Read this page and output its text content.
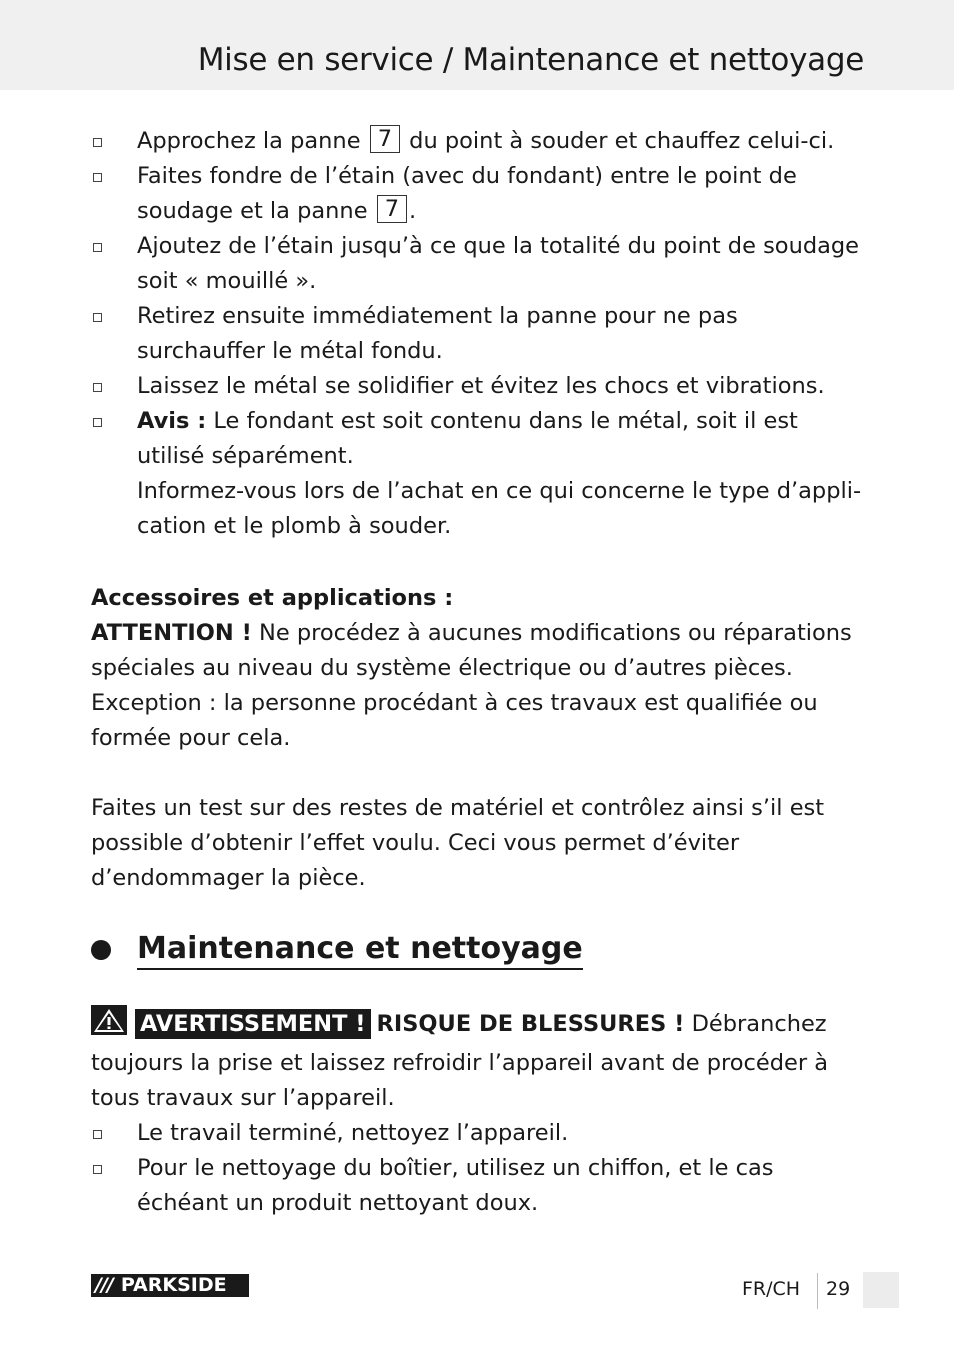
Mise en service / Maintenance et nettoyage
Approchez la panne 7 du point à souder et chauffez celui-ci.
Faites fondre de l’étain (avec du fondant) entre le point de soudage et la panne 7 .
Ajoutez de l’étain jusqu’à ce que la totalité du point de soudage soit « mouillé ».
Retirez ensuite immédiatement la panne pour ne pas surchauffer le métal fondu.
Laissez le métal se solidifier et évitez les chocs et vibrations.
Avis : Le fondant est soit contenu dans le métal, soit il est utilisé séparément.
Informez-vous lors de l’achat en ce qui concerne le type d’appli-cation et le plomb à souder.

Accessoires et applications :

ATTENTION ! Ne procédez à aucunes modifications ou réparations spéciales au niveau du système électrique ou d’autres pièces.

Exception : la personne procédant à ces travaux est qualifiée ou formée pour cela.

Faites un test sur des restes de matériel et contrôlez ainsi s’il est possible d’obtenir l’effet voulu. Ceci vous permet d’éviter d’endommager la pièce.

Maintenance et nettoyage

AVERTISSEMENT ! RISQUE DE BLESSURES ! Débranchez toujours la prise et laissez refroidir l’appareil avant de procéder à tous travaux sur l’appareil.

Le travail terminé, nettoyez l’appareil.
Pour le nettoyage du boîtier, utilisez un chiffon, et le cas échéant un produit nettoyant doux.
/// PARKSIDE	FR/CH 29
